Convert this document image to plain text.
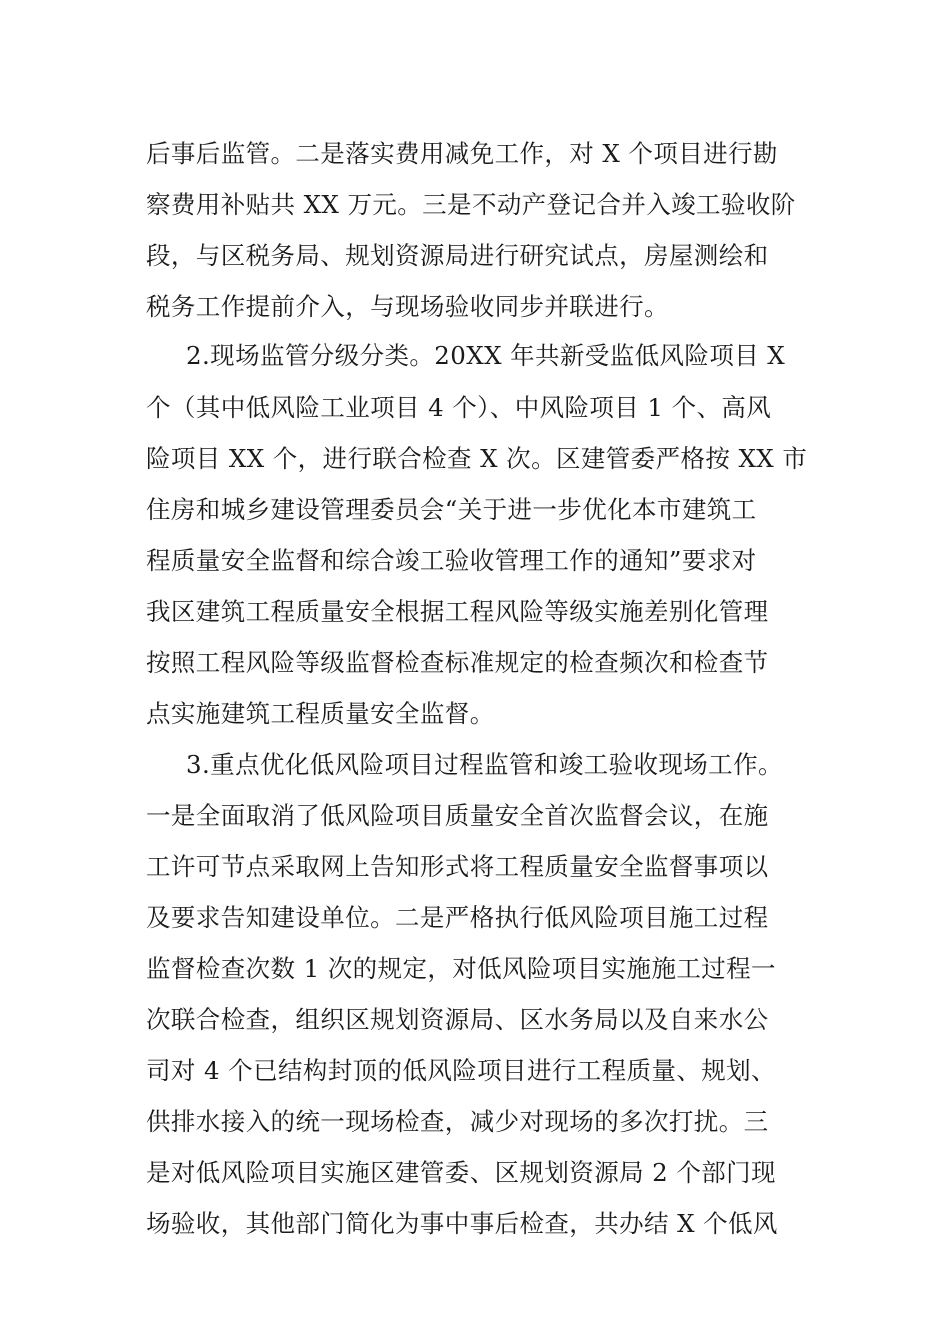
后事后监管。二是落实费用减免工作，对 X 个项目进行勘
察费用补贴共 XX 万元。三是不动产登记合并入竣工验收阶
段，与区税务局、规划资源局进行研究试点，房屋测绘和
税务工作提前介入，与现场验收同步并联进行。
2.现场监管分级分类。20XX 年共新受监低风险项目 X
个（其中低风险工业项目 4 个）、中风险项目 1 个、高风
险项目 XX 个，进行联合检查 X 次。区建管委严格按 XX 市
住房和城乡建设管理委员会“关于进一步优化本市建筑工
程质量安全监督和综合竣工验收管理工作的通知”要求对
我区建筑工程质量安全根据工程风险等级实施差别化管理
按照工程风险等级监督检查标准规定的检查频次和检查节
点实施建筑工程质量安全监督。
3.重点优化低风险项目过程监管和竣工验收现场工作。
一是全面取消了低风险项目质量安全首次监督会议，在施
工许可节点采取网上告知形式将工程质量安全监督事项以
及要求告知建设单位。二是严格执行低风险项目施工过程
监督检查次数 1 次的规定，对低风险项目实施施工过程一
次联合检查，组织区规划资源局、区水务局以及自来水公
司对 4 个已结构封顶的低风险项目进行工程质量、规划、
供排水接入的统一现场检查，减少对现场的多次打扰。三
是对低风险项目实施区建管委、区规划资源局 2 个部门现
场验收，其他部门简化为事中事后检查，共办结 X 个低风
